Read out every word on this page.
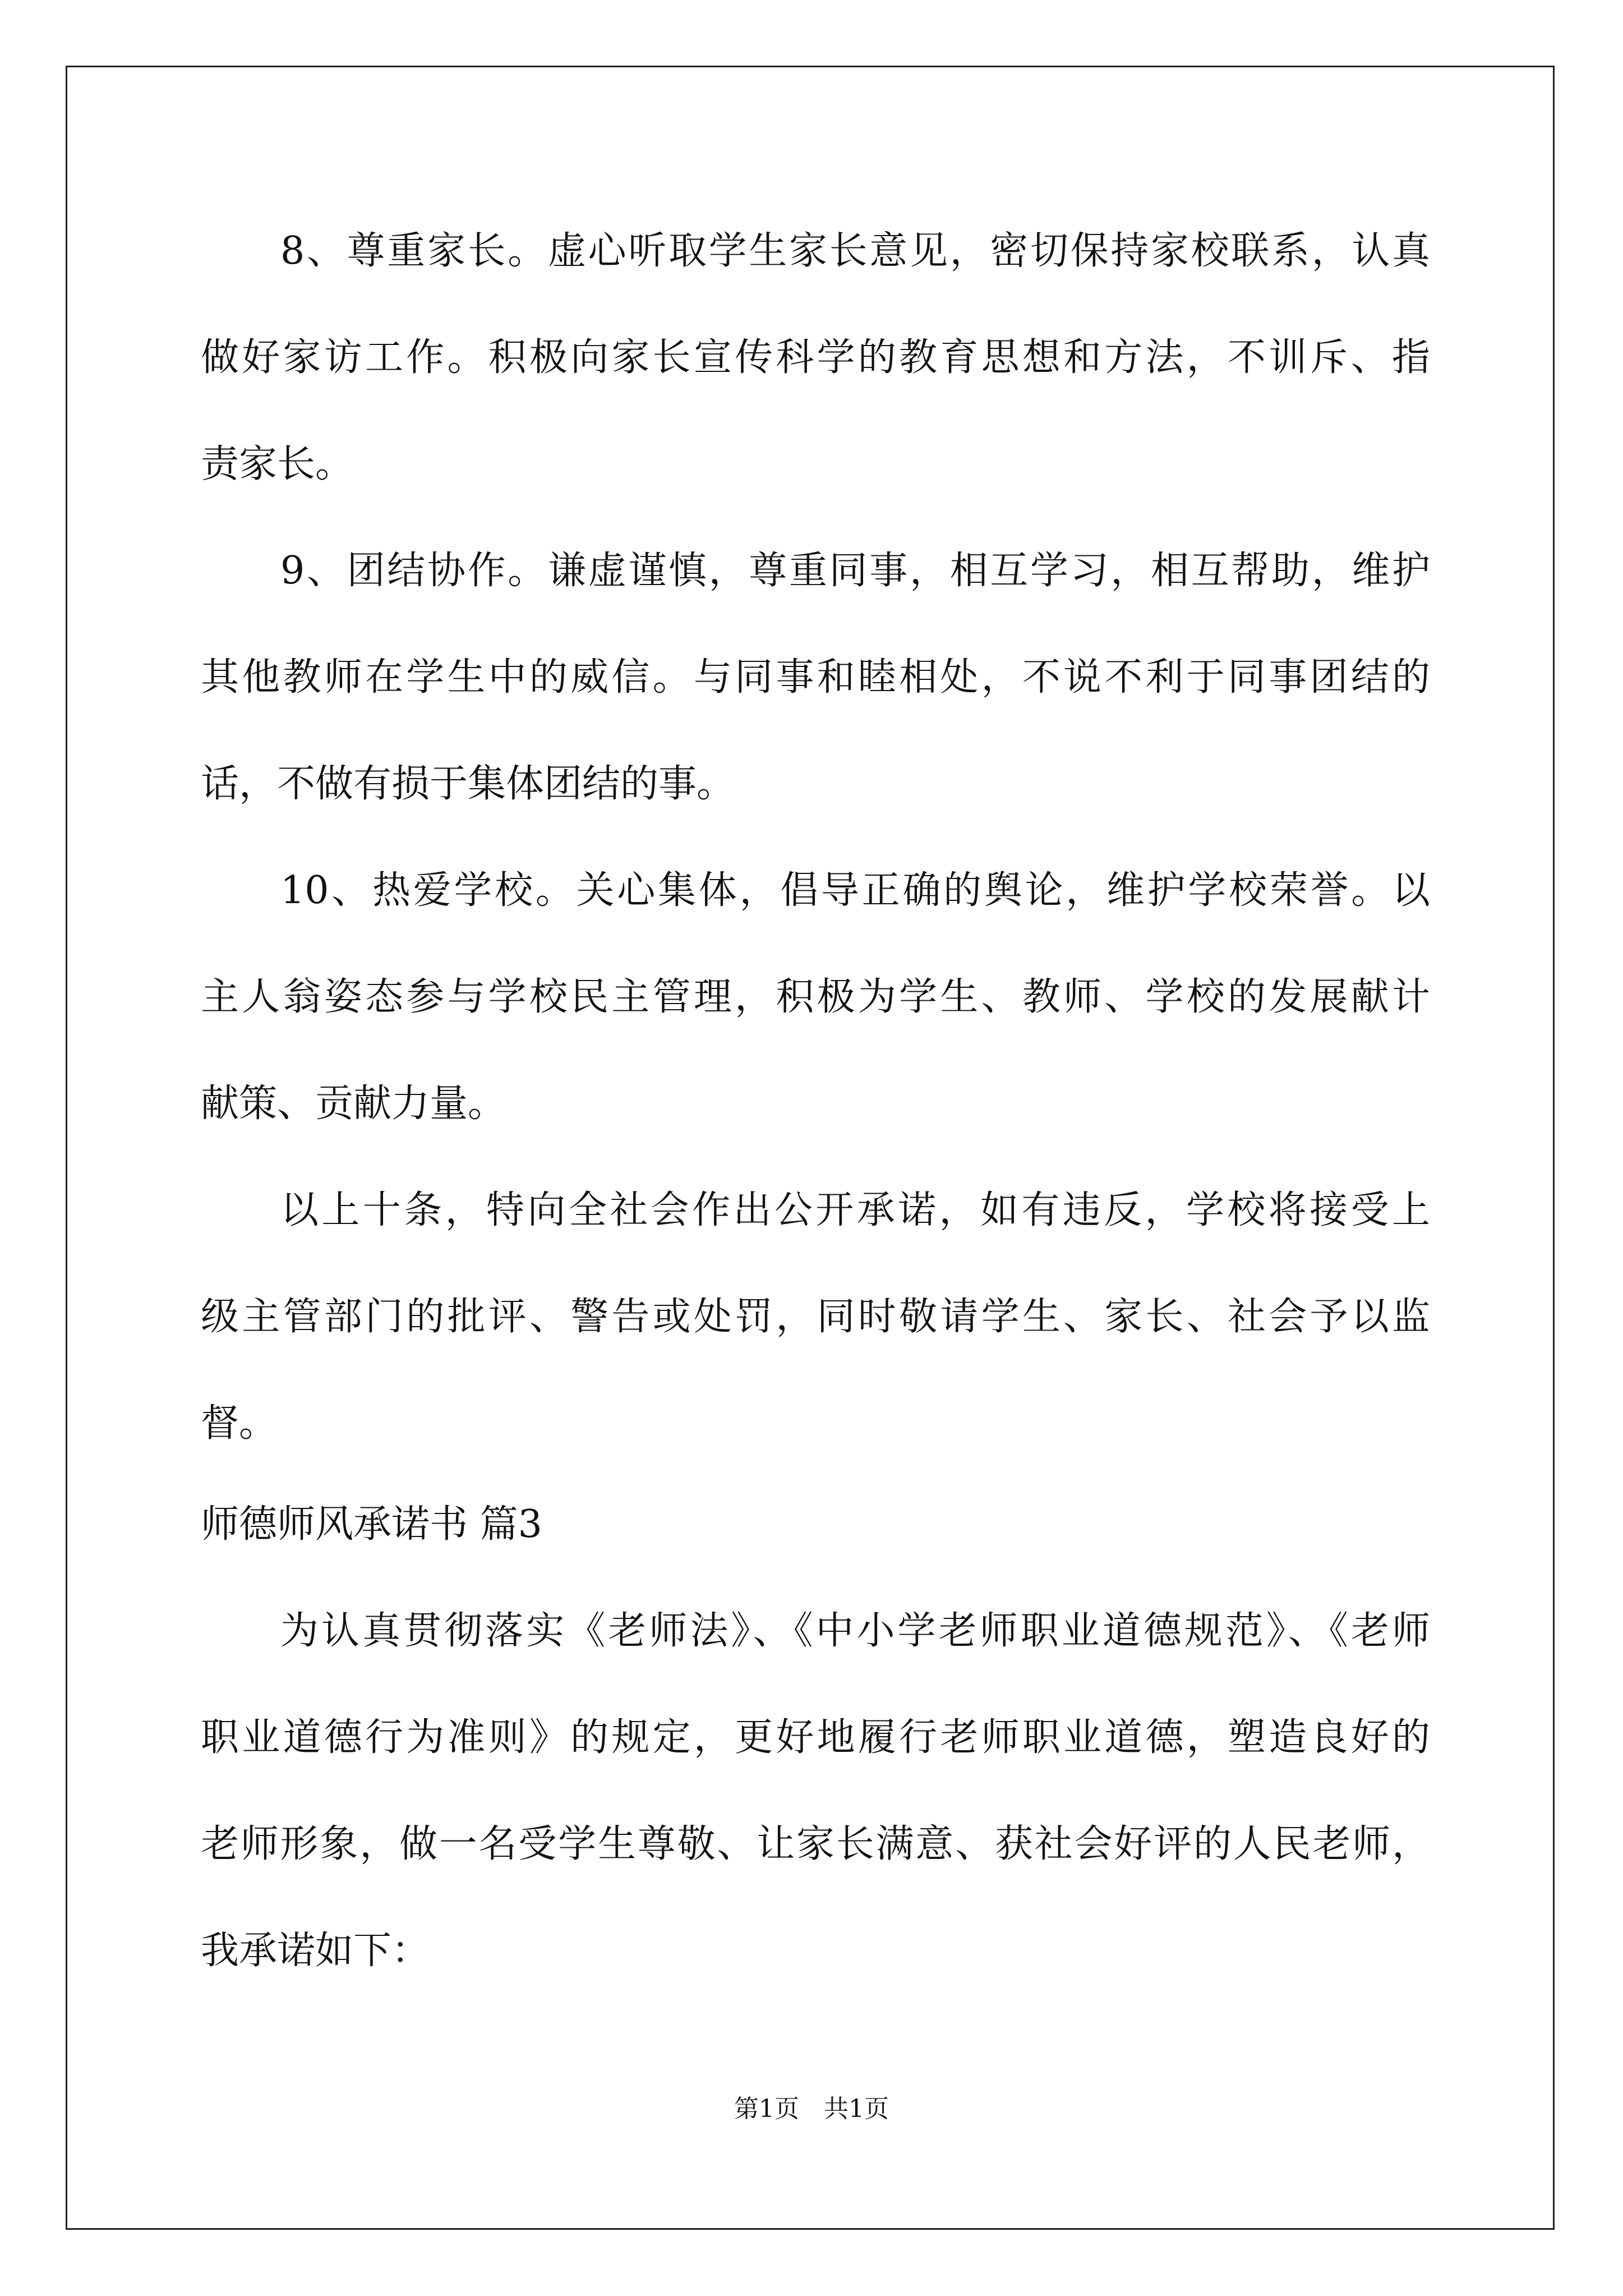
8、尊重家长。虚心听取学生家长意见，密切保持家校联系，认真
做好家访工作。积极向家长宣传科学的教育思想和方法，不训斥、指
责家长。
9、团结协作。谦虚谨慎，尊重同事，相互学习，相互帮助，维护
其他教师在学生中的威信。与同事和睦相处，不说不利于同事团结的
话，不做有损于集体团结的事。
10、热爱学校。关心集体，倡导正确的舆论，维护学校荣誉。以
主人翁姿态参与学校民主管理，积极为学生、教师、学校的发展献计
献策、贡献力量。
以上十条，特向全社会作出公开承诺，如有违反，学校将接受上
级主管部门的批评、警告或处罚，同时敬请学生、家长、社会予以监
督。
师德师风承诺书 篇3
为认真贯彻落实《老师法》、《中小学老师职业道德规范》、《老师
职业道德行为准则》的规定，更好地履行老师职业道德，塑造良好的
老师形象，做一名受学生尊敬、让家长满意、获社会好评的人民老师，
我承诺如下：
第1页　共1页
